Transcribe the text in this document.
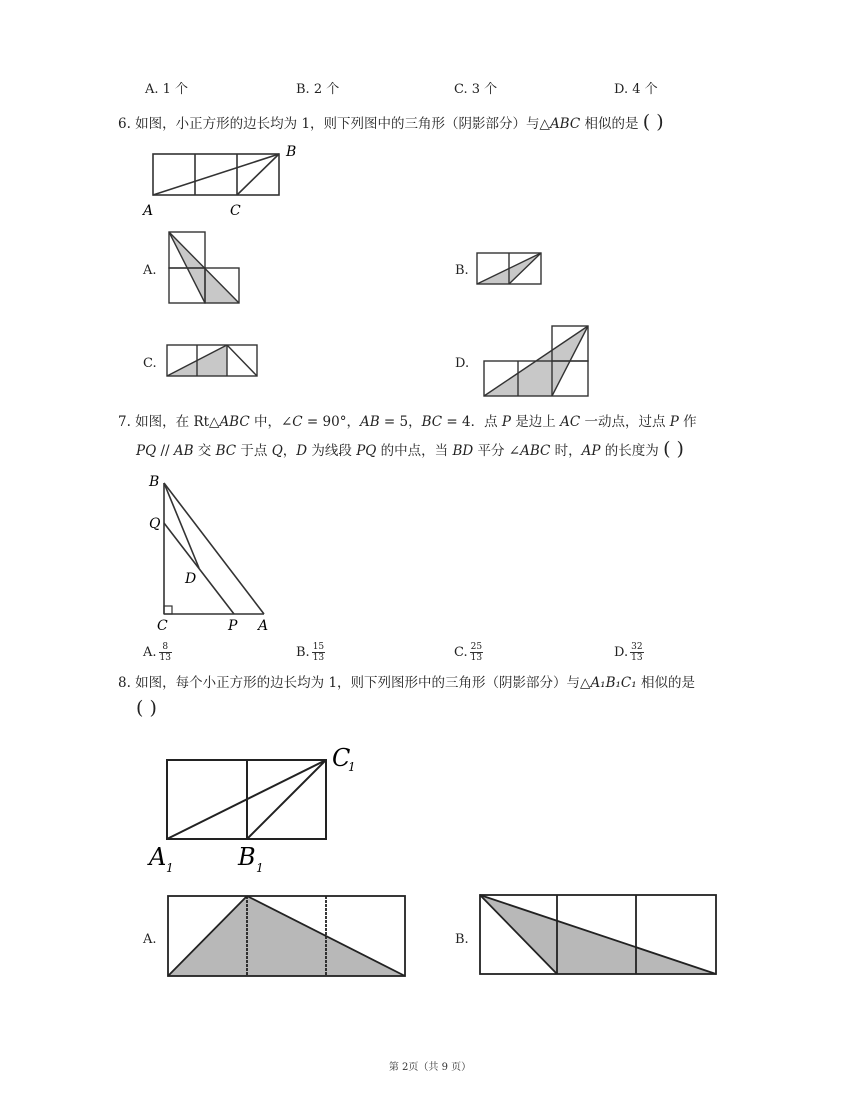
A. 1 个	B. 2 个	C. 3 个	D. 4 个
6. 如图，小正方形的边长均为 1，则下列图中的三角形（阴影部分）与△ABC 相似的是 ( )
B
A	C
A.	B.
C.	D.
7. 如图，在 Rt△ABC 中，∠C = 90°，AB = 5，BC = 4．点 P 是边上 AC 一动点，过点 P 作
PQ // AB 交 BC 于点 Q，D 为线段 PQ 的中点，当 BD 平分 ∠ABC 时，AP 的长度为 ( )
B
Q
D
C	P A
A. $\frac{8}{13}$	B. $\frac{15}{13}$	C. $\frac{25}{13}$	D. $\frac{32}{13}$
8. 如图，每个小正方形的边长均为 1，则下列图形中的三角形（阴影部分）与△A₁B₁C₁ 相似的是
( )
C
1
A 1	B 1
A.	B.
第 2页（共 9 页）
